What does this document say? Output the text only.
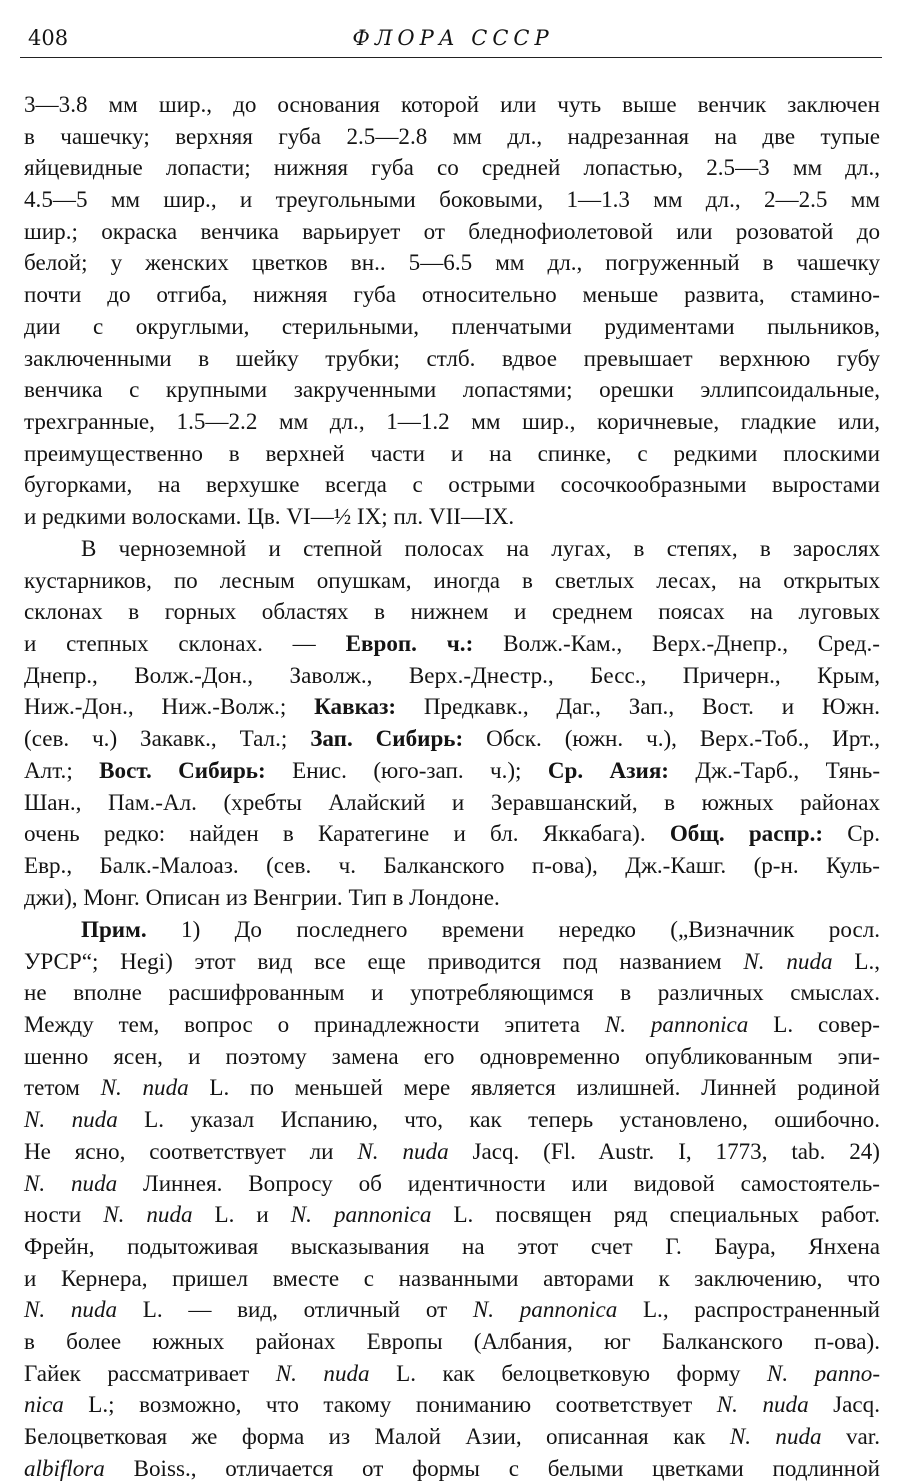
408	ФЛОРА СССР
3—3.8 мм шир., до основания которой или чуть выше венчик заключен
в чашечку; верхняя губа 2.5—2.8 мм дл., надрезанная на две тупые
яйцевидные лопасти; нижняя губа со средней лопастью, 2.5—3 мм дл.,
4.5—5 мм шир., и треугольными боковыми, 1—1.3 мм дл., 2—2.5 мм
шир.; окраска венчика варьирует от бледнофиолетовой или розоватой до
белой; у женских цветков вн.. 5—6.5 мм дл., погруженный в чашечку
почти до отгиба, нижняя губа относительно меньше развита, стамино-
дии с округлыми, стерильными, пленчатыми рудиментами пыльников,
заключенными в шейку трубки; стлб. вдвое превышает верхнюю губу
венчика с крупными закрученными лопастями; орешки эллипсоидальные,
трехгранные, 1.5—2.2 мм дл., 1—1.2 мм шир., коричневые, гладкие или,
преимущественно в верхней части и на спинке, с редкими плоскими
бугорками, на верхушке всегда с острыми сосочкообразными выростами
и редкими волосками. Цв. VI—½ IX; пл. VII—IX.
В черноземной и степной полосах на лугах, в степях, в зарослях
кустарников, по лесным опушкам, иногда в светлых лесах, на открытых
склонах в горных областях в нижнем и среднем поясах на луговых
и степных склонах. — Европ. ч.: Волж.-Кам., Верх.-Днепр., Сред.-
Днепр., Волж.-Дон., Заволж., Верх.-Днестр., Бесс., Причерн., Крым,
Ниж.-Дон., Ниж.-Волж.; Кавказ: Предкавк., Даг., Зап., Вост. и Южн.
(сев. ч.) Закавк., Тал.; Зап. Сибирь: Обск. (южн. ч.), Верх.-Тоб., Ирт.,
Алт.; Вост. Сибирь: Енис. (юго-зап. ч.); Ср. Азия: Дж.-Тарб., Тянь-
Шан., Пам.-Ал. (хребты Алайский и Зеравшанский, в южных районах
очень редко: найден в Каратегине и бл. Яккабага). Общ. распр.: Ср.
Евр., Балк.-Малоаз. (сев. ч. Балканского п-ова), Дж.-Кашг. (р-н. Куль-
джи), Монг. Описан из Венгрии. Тип в Лондоне.
Прим. 1) До последнего времени нередко („Визначник росл.
УРСР“; Hegi) этот вид все еще приводится под названием N. nuda L.,
не вполне расшифрованным и употребляющимся в различных смыслах.
Между тем, вопрос о принадлежности эпитета N. pannonica L. совер-
шенно ясен, и поэтому замена его одновременно опубликованным эпи-
тетом N. nuda L. по меньшей мере является излишней. Линней родиной
N. nuda L. указал Испанию, что, как теперь установлено, ошибочно.
Не ясно, соответствует ли N. nuda Jacq. (Fl. Austr. I, 1773, tab. 24)
N. nuda Линнея. Вопросу об идентичности или видовой самостоятель-
ности N. nuda L. и N. pannonica L. посвящен ряд специальных работ.
Фрейн, подытоживая высказывания на этот счет Г. Баура, Янхена
и Кернера, пришел вместе с названными авторами к заключению, что
N. nuda L. — вид, отличный от N. pannonica L., распространенный
в более южных районах Европы (Албания, юг Балканского п-ова).
Гайек рассматривает N. nuda L. как белоцветковую форму N. panno-
nica L.; возможно, что такому пониманию соответствует N. nuda Jacq.
Белоцветковая же форма из Малой Азии, описанная как N. nuda var.
albiflora Boiss., отличается от формы с белыми цветками подлинной
